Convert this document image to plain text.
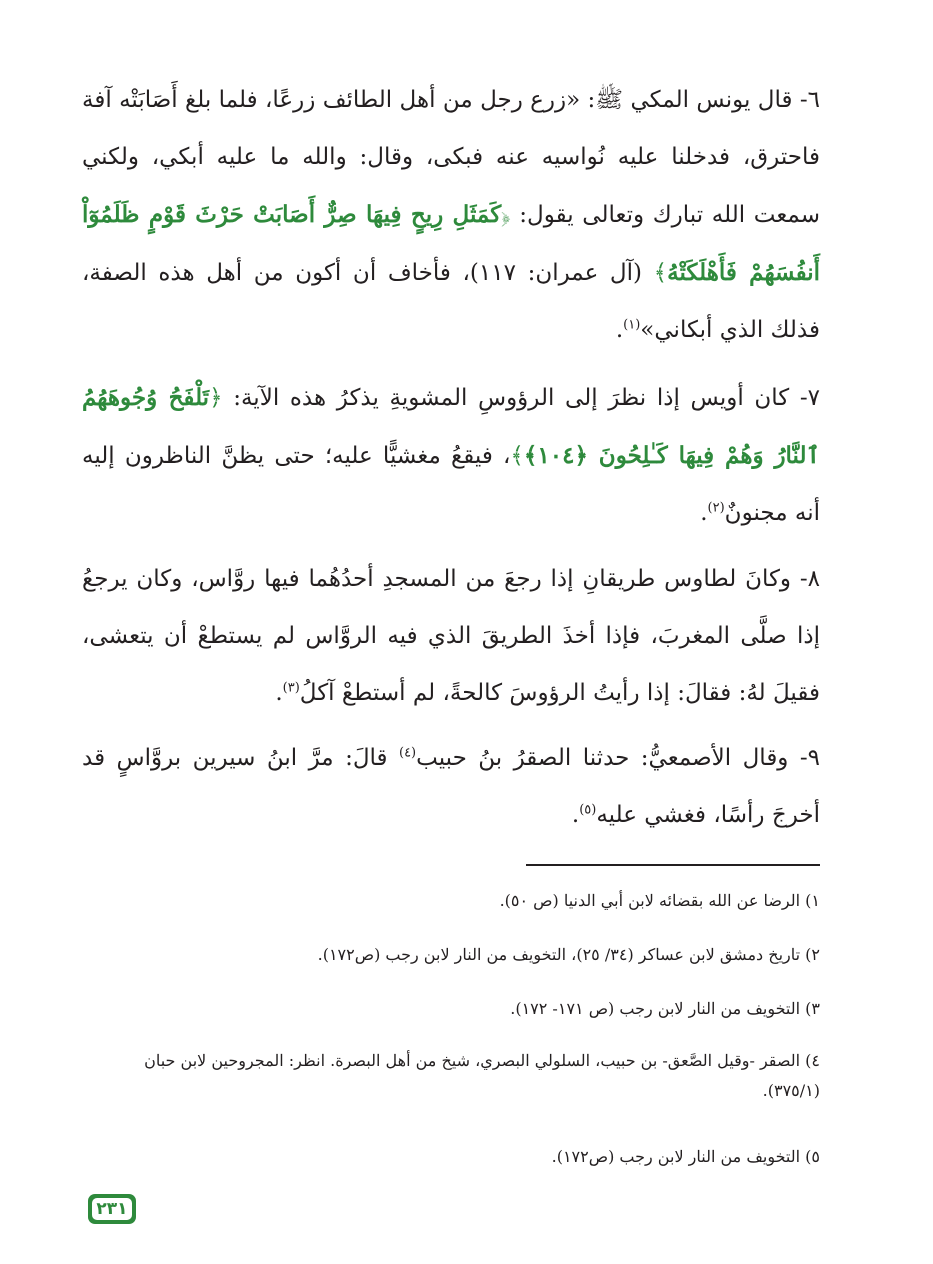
٦- قال يونس المكي ﷺ: «زرع رجل من أهل الطائف زرعًا، فلما بلغ أَصَابَتْه آفة فاحترق، فدخلنا عليه نُواسيه عنه فبكى، وقال: والله ما عليه أبكي، ولكني سمعت الله تبارك وتعالى يقول: ﴿كَمَثَلِ رِيحٍ فِيهَا صِرٌّ أَصَابَتْ حَرْثَ قَوْمٍ ظَلَمُوٓاْ أَنفُسَهُمْ فَأَهْلَكَتْهُ﴾ (آل عمران: ١١٧)، فأخاف أن أكون من أهل هذه الصفة، فذلك الذي أبكاني»$^{(١)}$.

٧- كان أويس إذا نظرَ إلى الرؤوسِ المشويةِ يذكرُ هذه الآية: ﴿تَلْفَحُ وُجُوهَهُمُ ٱلنَّارُ وَهُمْ فِيهَا كَـٰلِحُونَ ﴿١٠٤﴾﴾، فيقعُ مغشيًّا عليه؛ حتى يظنَّ الناظرون إليه أنه مجنونٌ$^{(٢)}$.

٨- وكانَ لطاوس طريقانِ إذا رجعَ من المسجدِ أحدُهُما فيها روَّاس، وكان يرجعُ إذا صلَّى المغربَ، فإذا أخذَ الطريقَ الذي فيه الروَّاس لم يستطعْ أن يتعشى، فقيلَ لهُ: فقالَ: إذا رأيتُ الرؤوسَ كالحةً، لم أستطعْ آكلُ$^{(٣)}$.

٩- وقال الأصمعيُّ: حدثنا الصقرُ بنُ حبيب$^{(٤)}$ قالَ: مرَّ ابنُ سيرين بروَّاسٍ قد أخرجَ رأسًا، فغشي عليه$^{(٥)}$.

١) الرضا عن الله بقضائه لابن أبي الدنيا (ص ٥٠).
٢) تاريخ دمشق لابن عساكر (٣٤/ ٢٥)، التخويف من النار لابن رجب (ص١٧٢).
٣) التخويف من النار لابن رجب (ص ١٧١- ١٧٢).
٤) الصقر -وقيل الصَّعق- بن حبيب، السلولي البصري، شيخ من أهل البصرة. انظر: المجروحين لابن حبان (٣٧٥/١).
٥) التخويف من النار لابن رجب (ص١٧٢).
٢٣١
